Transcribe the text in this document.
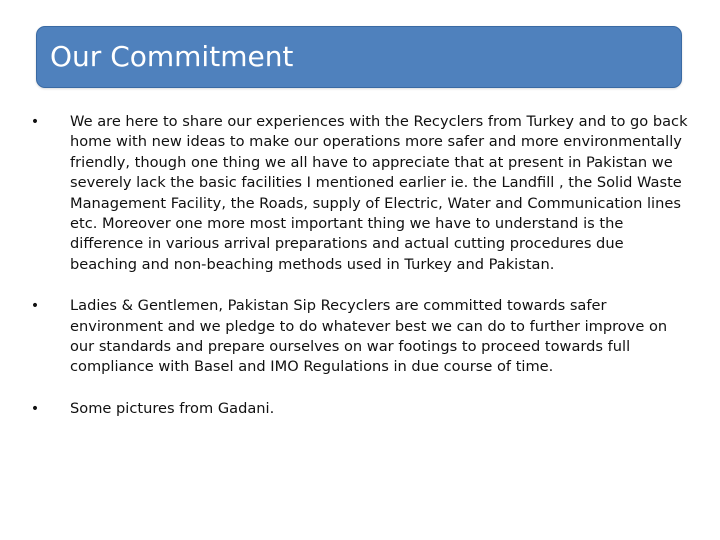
Our Commitment
• We are here to share our experiences with the Recyclers from Turkey and to go back home with new ideas to make our operations more safer and more environmentally friendly, though one thing we all have to appreciate that at present in Pakistan we severely lack the basic facilities I mentioned earlier ie. the Landfill , the Solid Waste Management Facility, the Roads, supply of Electric, Water and Communication lines etc. Moreover one more most important thing we have to understand is the difference in various arrival preparations and actual cutting procedures due beaching and non-beaching methods used in Turkey and Pakistan.
• Ladies & Gentlemen, Pakistan Sip Recyclers are committed towards safer environment and we pledge to do whatever best we can do to further improve on our standards and prepare ourselves on war footings to proceed towards full compliance with Basel and IMO Regulations in due course of time.
• Some pictures from Gadani.
